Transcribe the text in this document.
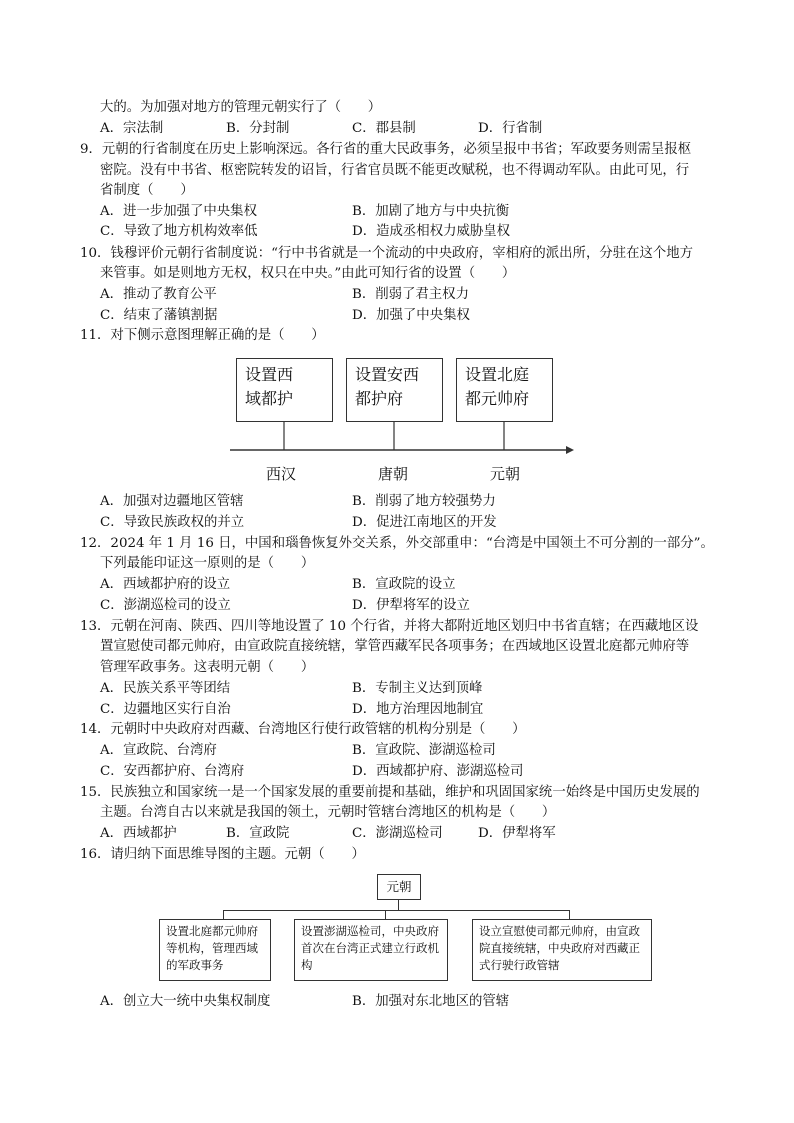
大的。为加强对地方的管理元朝实行了（　　）
A．宗法制	B．分封制	C．郡县制	D．行省制
9．元朝的行省制度在历史上影响深远。各行省的重大民政事务，必须呈报中书省；军政要务则需呈报枢
密院。没有中书省、枢密院转发的诏旨，行省官员既不能更改赋税，也不得调动军队。由此可见，行
省制度（　　）
A．进一步加强了中央集权	B．加剧了地方与中央抗衡
C．导致了地方机构效率低	D．造成丞相权力威胁皇权
10．钱穆评价元朝行省制度说：“行中书省就是一个流动的中央政府，宰相府的派出所，分驻在这个地方
来管事。如是则地方无权，权只在中央。”由此可知行省的设置（　　）
A．推动了教育公平	B．削弱了君主权力
C．结束了藩镇割据	D．加强了中央集权
11．对下侧示意图理解正确的是（　　）
设置西
域都护
设置安西
都护府
设置北庭
都元帅府
西汉	唐朝	元朝
A．加强对边疆地区管辖	B．削弱了地方较强势力
C．导致民族政权的并立	D．促进江南地区的开发
12．2024 年 1 月 16 日，中国和瑙鲁恢复外交关系，外交部重申：“台湾是中国领土不可分割的一部分”。
下列最能印证这一原则的是（　　）
A．西域都护府的设立	B．宣政院的设立
C．澎湖巡检司的设立	D．伊犁将军的设立
13．元朝在河南、陕西、四川等地设置了 10 个行省，并将大都附近地区划归中书省直辖；在西藏地区设
置宣慰使司都元帅府，由宣政院直接统辖，掌管西藏军民各项事务；在西域地区设置北庭都元帅府等
管理军政事务。这表明元朝（　　）
A．民族关系平等团结	B．专制主义达到顶峰
C．边疆地区实行自治	D．地方治理因地制宜
14．元朝时中央政府对西藏、台湾地区行使行政管辖的机构分别是（　　）
A．宣政院、台湾府	B．宣政院、澎湖巡检司
C．安西都护府、台湾府	D．西域都护府、澎湖巡检司
15．民族独立和国家统一是一个国家发展的重要前提和基础，维护和巩固国家统一始终是中国历史发展的
主题。台湾自古以来就是我国的领土，元朝时管辖台湾地区的机构是（　　）
A．西域都护	B．宣政院	C．澎湖巡检司	D．伊犁将军
16．请归纳下面思维导图的主题。元朝（　　）
元朝
设置北庭都元帅府等机构，管理西域的军政事务
设置澎湖巡检司，中央政府首次在台湾正式建立行政机构
设立宣慰使司都元帅府，由宣政院直接统辖，中央政府对西藏正式行驶行政管辖
A．创立大一统中央集权制度	B．加强对东北地区的管辖
